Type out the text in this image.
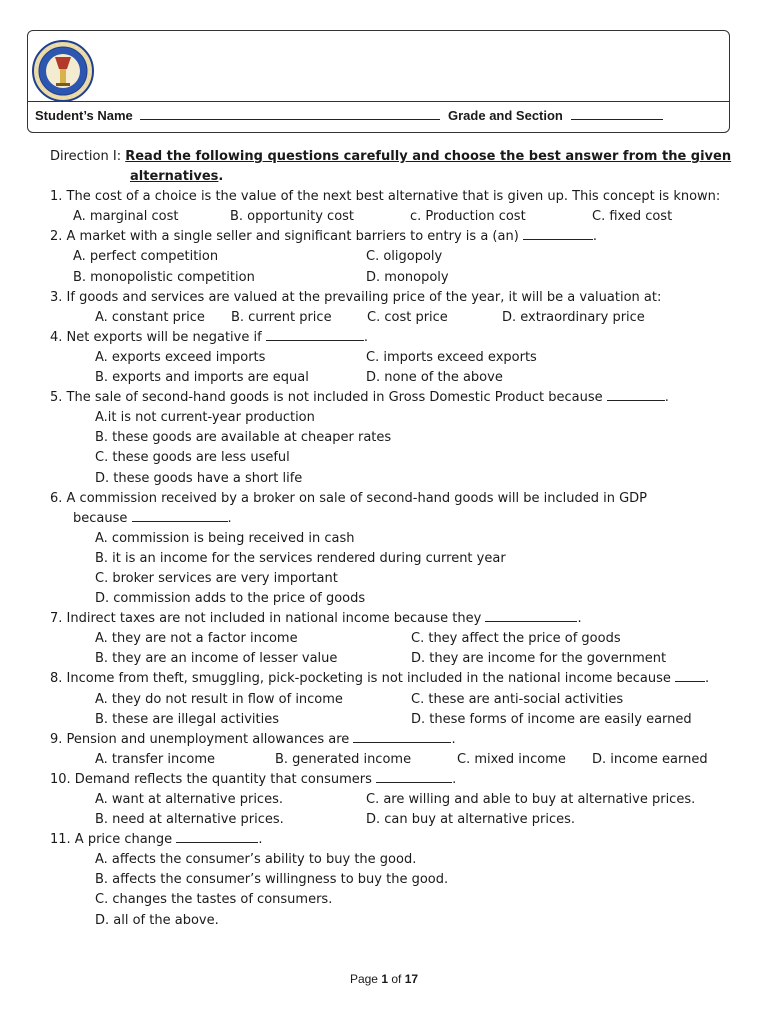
Student’s Name	Grade and Section
Direction I: Read the following questions carefully and choose the best answer from the given
alternatives.
1. The cost of a choice is the value of the next best alternative that is given up. This concept is known:
A. marginal cost	B. opportunity cost	c. Production cost	C. fixed cost
2. A market with a single seller and significant barriers to entry is a (an)	.
A. perfect competition	C. oligopoly
B. monopolistic competition	D. monopoly
3. If goods and services are valued at the prevailing price of the year, it will be a valuation at:
A. constant price B. current price	C. cost price	D. extraordinary price
4. Net exports will be negative if	.
A. exports exceed imports	C. imports exceed exports
B. exports and imports are equal	D. none of the above
5. The sale of second-hand goods is not included in Gross Domestic Product because	.
A.it is not current-year production
B. these goods are available at cheaper rates
C. these goods are less useful
D. these goods have a short life
6. A commission received by a broker on sale of second-hand goods will be included in GDP
because	.
A. commission is being received in cash
B. it is an income for the services rendered during current year
C. broker services are very important
D. commission adds to the price of goods
7. Indirect taxes are not included in national income because they	.
A. they are not a factor income	C. they affect the price of goods
B. they are an income of lesser value	D. they are income for the government
8. Income from theft, smuggling, pick-pocketing is not included in the national income because	.
A. they do not result in flow of income	C. these are anti-social activities
B. these are illegal activities	D. these forms of income are easily earned
9. Pension and unemployment allowances are	.
A. transfer income	B. generated income	C. mixed income D. income earned
10. Demand reflects the quantity that consumers	.
A. want at alternative prices.	C. are willing and able to buy at alternative prices.
B. need at alternative prices.	D. can buy at alternative prices.
11. A price change	.
A. affects the consumer’s ability to buy the good.
B. affects the consumer’s willingness to buy the good.
C. changes the tastes of consumers.
D. all of the above.
Page 1 of 17
